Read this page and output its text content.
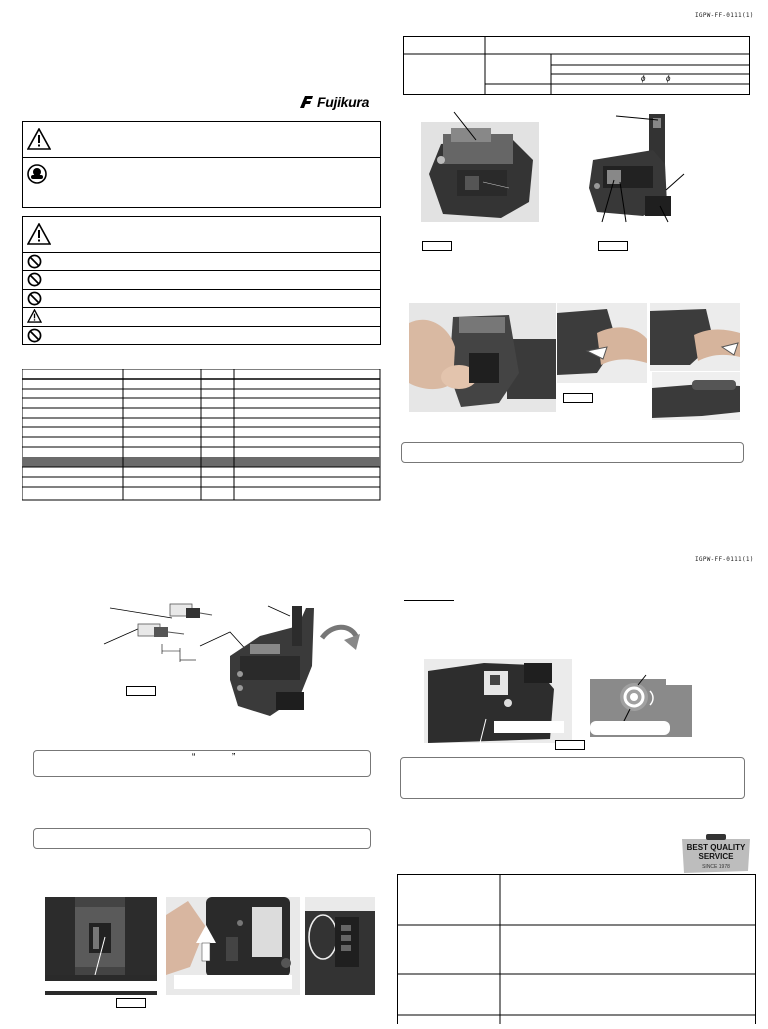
Fujikura
“	”
IGPW-FF-0111(1)
ϕ	ϕ
IGPW-FF-0111(1)
BEST QUALITY
SERVICE
SINCE 1978
